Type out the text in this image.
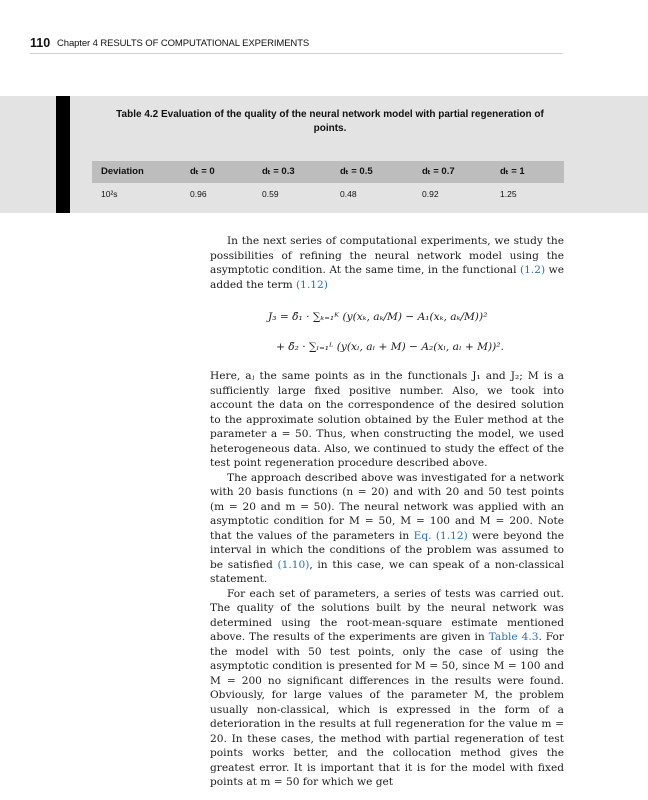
110 Chapter 4 RESULTS OF COMPUTATIONAL EXPERIMENTS
Table 4.2 Evaluation of the quality of the neural network model with partial regeneration of points.
Deviation	dₜ = 0	dₜ = 0.3	dₜ = 0.5	dₜ = 0.7	dₜ = 1
10²s	0.96	0.59	0.48	0.92	1.25

In the next series of computational experiments, we study the possibilities of refining the neural network model using the asymptotic condition. At the same time, in the functional (1.2) we added the term (1.12)

J₃ = δ̃₁ · ∑ₖ₌₁ᴷ (y(xₖ, aₖ/M) − A₁(xₖ, aₖ/M))²
+ δ̃₂ · ∑ₗ₌₁ᴸ (y(xₗ, aₗ + M) − A₂(xₗ, aₗ + M))².

Here, aⱼ the same points as in the functionals J₁ and J₂; M is a sufficiently large fixed positive number. Also, we took into account the data on the correspondence of the desired solution to the approximate solution obtained by the Euler method at the parameter a = 50. Thus, when constructing the model, we used heterogeneous data. Also, we continued to study the effect of the test point regeneration procedure described above.

The approach described above was investigated for a network with 20 basis functions (n = 20) and with 20 and 50 test points (m = 20 and m = 50). The neural network was applied with an asymptotic condition for M = 50, M = 100 and M = 200. Note that the values of the parameters in Eq. (1.12) were beyond the interval in which the conditions of the problem was assumed to be satisfied (1.10), in this case, we can speak of a non-classical statement.

For each set of parameters, a series of tests was carried out. The quality of the solutions built by the neural network was determined using the root-mean-square estimate mentioned above. The results of the experiments are given in Table 4.3. For the model with 50 test points, only the case of using the asymptotic condition is presented for M = 50, since M = 100 and M = 200 no significant differences in the results were found. Obviously, for large values of the parameter M, the problem usually non-classical, which is expressed in the form of a deterioration in the results at full regeneration for the value m = 20. In these cases, the method with partial regeneration of test points works better, and the collocation method gives the greatest error. It is important that it is for the model with fixed points at m = 50 for which we get
